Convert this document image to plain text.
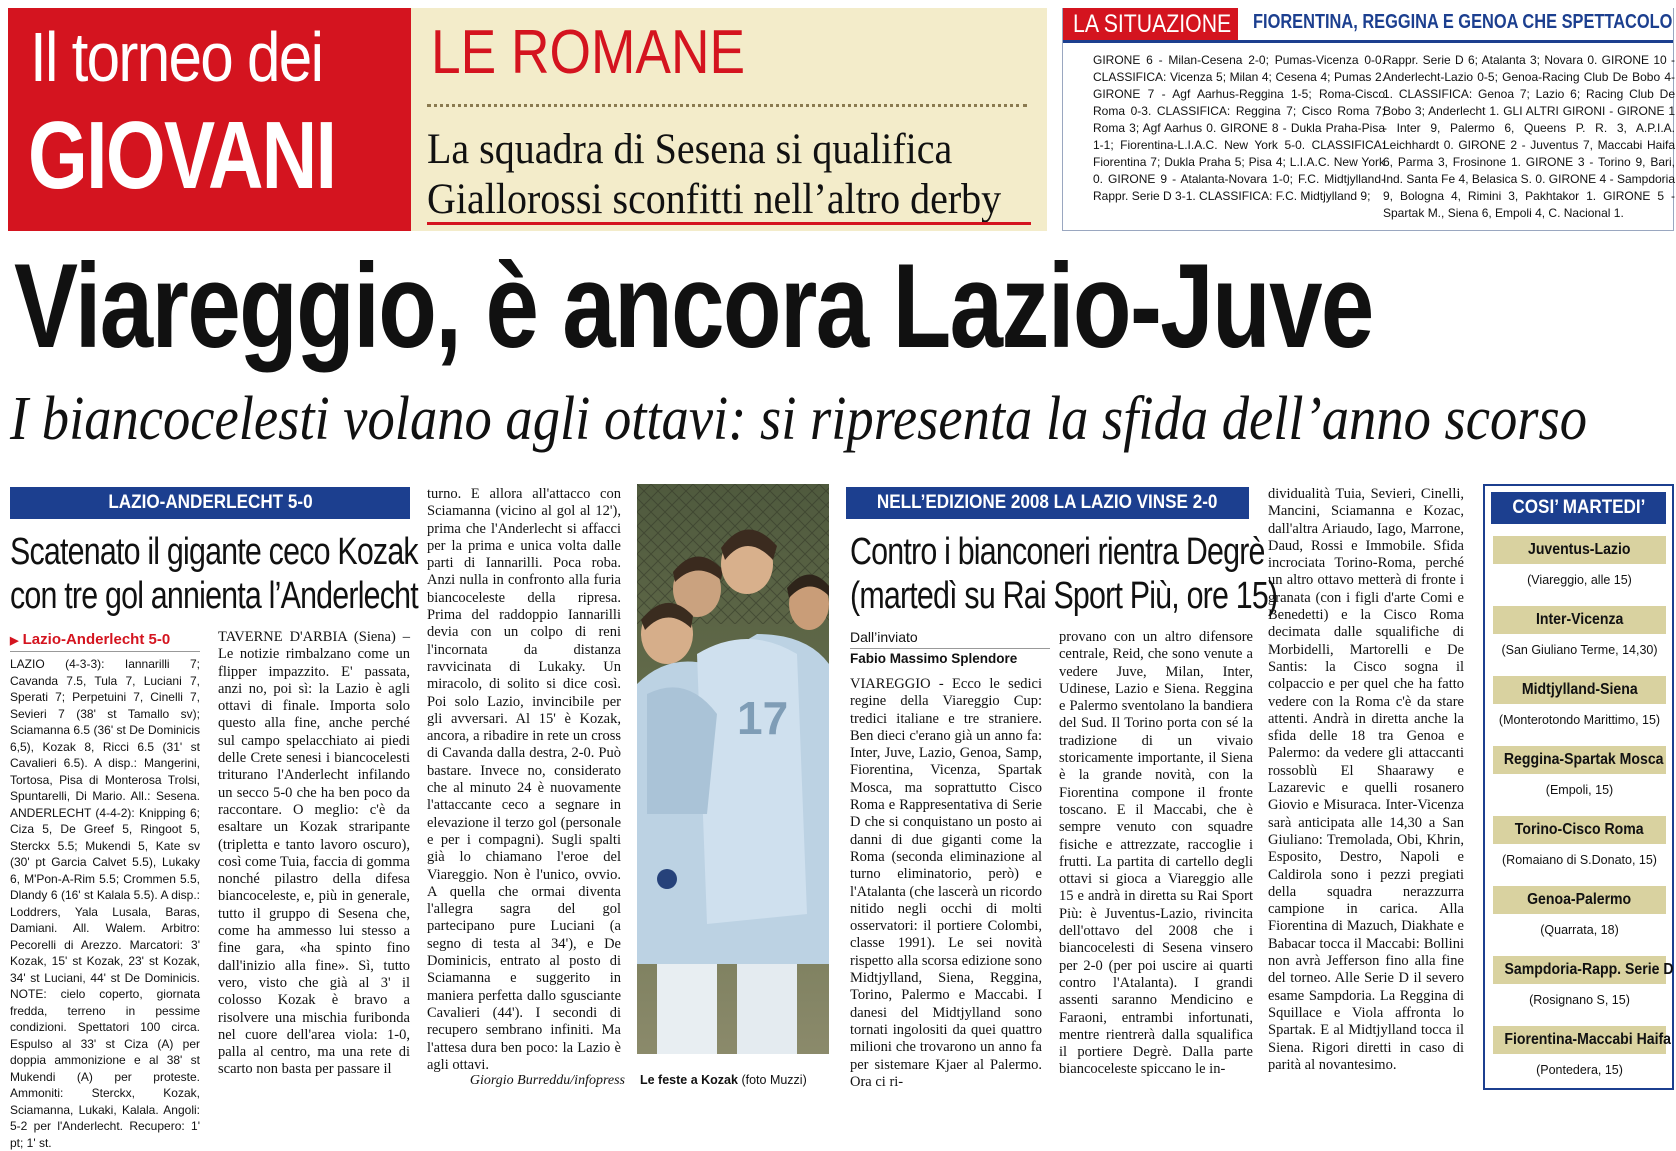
Il torneo dei
GIOVANI
LE ROMANE
La squadra di Sesena si qualifica
Giallorossi sconfitti nell’altro derby
LA SITUAZIONE	FIORENTINA, REGGINA E GENOA CHE SPETTACOLO
GIRONE 6 - Milan-Cesena 2-0; Pumas-Vicenza 0-0. CLASSIFICA: Vicenza 5; Milan 4; Cesena 4; Pumas 2. GIRONE 7 - Agf Aarhus-Reggina 1-5; Roma-Cisco Roma 0-3. CLASSIFICA: Reggina 7; Cisco Roma 7; Roma 3; Agf Aarhus 0. GIRONE 8 - Dukla Praha-Pisa 1-1; Fiorentina-L.I.A.C. New York 5-0. CLASSIFICA: Fiorentina 7; Dukla Praha 5; Pisa 4; L.I.A.C. New York 0. GIRONE 9 - Atalanta-Novara 1-0; F.C. Midtjylland-Rappr. Serie D 3-1. CLASSIFICA: F.C. Midtjylland 9;
Rappr. Serie D 6; Atalanta 3; Novara 0. GIRONE 10 - Anderlecht-Lazio 0-5; Genoa-Racing Club De Bobo 4-1. CLASSIFICA: Genoa 7; Lazio 6; Racing Club De Bobo 3; Anderlecht 1. GLI ALTRI GIRONI - GIRONE 1 - Inter 9, Palermo 6, Queens P. R. 3, A.P.I.A. Leichhardt 0. GIRONE 2 - Juventus 7, Maccabi Haifa 6, Parma 3, Frosinone 1. GIRONE 3 - Torino 9, Bari, Ind. Santa Fe 4, Belasica S. 0. GIRONE 4 - Sampdoria 9, Bologna 4, Rimini 3, Pakhtakor 1. GIRONE 5 - Spartak M., Siena 6, Empoli 4, C. Nacional 1.
Viareggio, è ancora Lazio-Juve
I biancocelesti volano agli ottavi: si ripresenta la sfida dell’anno scorso
LAZIO-ANDERLECHT 5-0
Scatenato il gigante ceco Kozak
con tre gol annienta l’Anderlecht
▶ Lazio-Anderlecht 5-0
LAZIO (4-3-3): Iannarilli 7; Cavanda 7.5, Tula 7, Luciani 7, Sperati 7; Perpetuini 7, Cinelli 7, Sevieri 7 (38' st Tamallo sv); Sciamanna 6.5 (36' st De Dominicis 6,5), Kozak 8, Ricci 6.5 (31' st Cavalieri 6.5). A disp.: Mangerini, Tortosa, Pisa di Monterosa Trolsi, Spuntarelli, Di Mario. All.: Sesena. ANDERLECHT (4-4-2): Knipping 6; Ciza 5, De Greef 5, Ringoot 5, Sterckx 5.5; Mukendi 5, Kate sv (30' pt Garcia Calvet 5.5), Lukaky 6, M'Pon-A-Rim 5.5; Crommen 5.5, Dlandy 6 (16' st Kalala 5.5). A disp.: Loddrers, Yala Lusala, Baras, Damiani. All. Walem. Arbitro: Pecorelli di Arezzo. Marcatori: 3' Kozak, 15' st Kozak, 23' st Kozak, 34' st Luciani, 44' st De Dominicis. NOTE: cielo coperto, giornata fredda, terreno in pessime condizioni. Spettatori 100 circa. Espulso al 33' st Ciza (A) per doppia ammonizione e al 38' st Mukendi (A) per proteste. Ammoniti: Sterckx, Kozak, Sciamanna, Lukaki, Kalala. Angoli: 5-2 per l'Anderlecht. Recupero: 1' pt; 1' st.
TAVERNE D'ARBIA (Siena) – Le notizie rimbalzano come un flipper impazzito. E' passata, anzi no, poi sì: la Lazio è agli ottavi di finale. Importa solo questo alla fine, anche perché sul campo spelacchiato ai piedi delle Crete senesi i biancocelesti triturano l'Anderlecht infilando un secco 5-0 che ha ben poco da raccontare. O meglio: c'è da esaltare un Kozak straripante (tripletta e tanto lavoro oscuro), così come Tuia, faccia di gomma nonché pilastro della difesa biancoceleste, e, più in generale, tutto il gruppo di Sesena che, come ha ammesso lui stesso a fine gara, «ha spinto fino dall'inizio alla fine». Sì, tutto vero, visto che già al 3' il colosso Kozak è bravo a risolvere una mischia furibonda nel cuore dell'area viola: 1-0, palla al centro, ma una rete di scarto non basta per passare il
turno. E allora all'attacco con Sciamanna (vicino al gol al 12'), prima che l'Anderlecht si affacci per la prima e unica volta dalle parti di Iannarilli. Poca roba. Anzi nulla in confronto alla furia biancoceleste della ripresa. Prima del raddoppio Iannarilli devia con un colpo di reni l'incornata da distanza ravvicinata di Lukaky. Un miracolo, di solito si dice così. Poi solo Lazio, invincibile per gli avversari. Al 15' è Kozak, ancora, a ribadire in rete un cross di Cavanda dalla destra, 2-0. Può bastare. Invece no, considerato che al minuto 24 è nuovamente l'attaccante ceco a segnare in elevazione il terzo gol (personale e per i compagni). Sugli spalti già lo chiamano l'eroe del Viareggio. Non è l'unico, ovvio. A quella che ormai diventa l'allegra sagra del gol partecipano pure Luciani (a segno di testa al 34'), e De Dominicis, entrato al posto di Sciamanna e suggerito in maniera perfetta dallo sgusciante Cavalieri (44'). I secondi di recupero sembrano infiniti. Ma l'attesa dura ben poco: la Lazio è agli ottavi.
Giorgio Burreddu/infopress
17
Le feste a Kozak (foto Muzzi)
NELL’EDIZIONE 2008 LA LAZIO VINSE 2-0
Contro i bianconeri rientra Degrè
(martedì su Rai Sport Più, ore 15)
Dall’inviato
Fabio Massimo Splendore
VIAREGGIO - Ecco le sedici regine della Viareggio Cup: tredici italiane e tre straniere. Ben dieci c'erano già un anno fa: Inter, Juve, Lazio, Genoa, Samp, Fiorentina, Vicenza, Spartak Mosca, ma soprattutto Cisco Roma e Rappresentativa di Serie D che si conquistano un posto ai danni di due giganti come la Roma (seconda eliminazione al turno eliminatorio, però) e l'Atalanta (che lascerà un ricordo nitido negli occhi di molti osservatori: il portiere Colombi, classe 1991). Le sei novità rispetto alla scorsa edizione sono Midtjylland, Siena, Reggina, Torino, Palermo e Maccabi. I danesi del Midtjylland sono tornati ingolositi da quei quattro milioni che trovarono un anno fa per sistemare Kjaer al Palermo. Ora ci ri-
provano con un altro difensore centrale, Reid, che sono venute a vedere Juve, Milan, Inter, Udinese, Lazio e Siena. Reggina e Palermo sventolano la bandiera del Sud. Il Torino porta con sé la tradizione di un vivaio storicamente importante, il Siena è la grande novità, con la Fiorentina compone il fronte toscano. E il Maccabi, che è sempre venuto con squadre fisiche e attrezzate, raccoglie i frutti. La partita di cartello degli ottavi si gioca a Viareggio alle 15 e andrà in diretta su Rai Sport Più: è Juventus-Lazio, rivincita dell'ottavo del 2008 che i biancocelesti di Sesena vinsero per 2-0 (per poi uscire ai quarti contro l'Atalanta). I grandi assenti saranno Mendicino e Faraoni, entrambi infortunati, mentre rientrerà dalla squalifica il portiere Degrè. Dalla parte biancoceleste spiccano le in-
dividualità Tuia, Sevieri, Cinelli, Mancini, Sciamanna e Kozac, dall'altra Ariaudo, Iago, Marrone, Daud, Rossi e Immobile. Sfida incrociata Torino-Roma, perché un altro ottavo metterà di fronte i granata (con i figli d'arte Comi e Benedetti) e la Cisco Roma decimata dalle squalifiche di Morbidelli, Martorelli e De Santis: la Cisco sogna il colpaccio e per quel che ha fatto vedere con la Roma c'è da stare attenti. Andrà in diretta anche la sfida delle 18 tra Genoa e Palermo: da vedere gli attaccanti rossoblù El Shaarawy e Lazarevic e quelli rosanero Giovio e Misuraca. Inter-Vicenza sarà anticipata alle 14,30 a San Giuliano: Tremolada, Obi, Khrin, Esposito, Destro, Napoli e Caldirola sono i pezzi pregiati della squadra nerazzurra campione in carica. Alla Fiorentina di Mazuch, Diakhate e Babacar tocca il Maccabi: Bollini non avrà Jefferson fino alla fine del torneo. Alle Serie D il severo esame Sampdoria. La Reggina di Squillace e Viola affronta lo Spartak. E al Midtjylland tocca il Siena. Rigori diretti in caso di parità al novantesimo.
COSI’ MARTEDI’
Juventus-Lazio
(Viareggio, alle 15)
Inter-Vicenza
(San Giuliano Terme, 14,30)
Midtjylland-Siena
(Monterotondo Marittimo, 15)
Reggina-Spartak Mosca
(Empoli, 15)
Torino-Cisco Roma
(Romaiano di S.Donato, 15)
Genoa-Palermo
(Quarrata, 18)
Sampdoria-Rapp. Serie D
(Rosignano S, 15)
Fiorentina-Maccabi Haifa
(Pontedera, 15)
